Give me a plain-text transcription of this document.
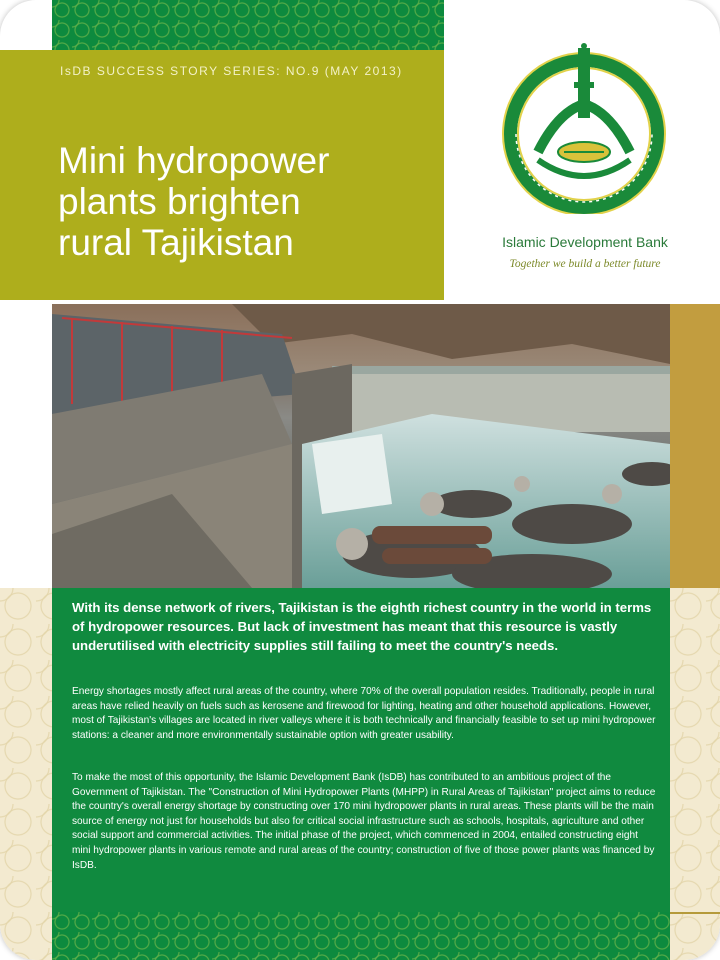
IsDB SUCCESS STORY SERIES: NO.9 (MAY 2013)
Mini hydropower
plants brighten
rural Tajikistan	Islamic Development Bank
Together we build a better future

With its dense network of rivers, Tajikistan is the eighth richest country in the world in terms of hydropower resources. But lack of investment has meant that this resource is vastly underutilised with electricity supplies still failing to meet the country's needs.

Energy shortages mostly affect rural areas of the country, where 70% of the overall population resides. Traditionally, people in rural areas have relied heavily on fuels such as kerosene and firewood for lighting, heating and other household applications. However, most of Tajikistan's villages are located in river valleys where it is both technically and financially feasible to set up mini hydropower stations: a cleaner and more environmentally sustainable option with greater usability.

To make the most of this opportunity, the Islamic Development Bank (IsDB) has contributed to an ambitious project of the Government of Tajikistan. The "Construction of Mini Hydropower Plants (MHPP) in Rural Areas of Tajikistan" project aims to reduce the country's overall energy shortage by constructing over 170 mini hydropower plants in rural areas. These plants will be the main source of energy not just for households but also for critical social infrastructure such as schools, hospitals, agriculture and other social support and commercial activities. The initial phase of the project, which commenced in 2004, entailed constructing eight mini hydropower plants in various remote and rural areas of the country; construction of five of those power plants was financed by IsDB.
